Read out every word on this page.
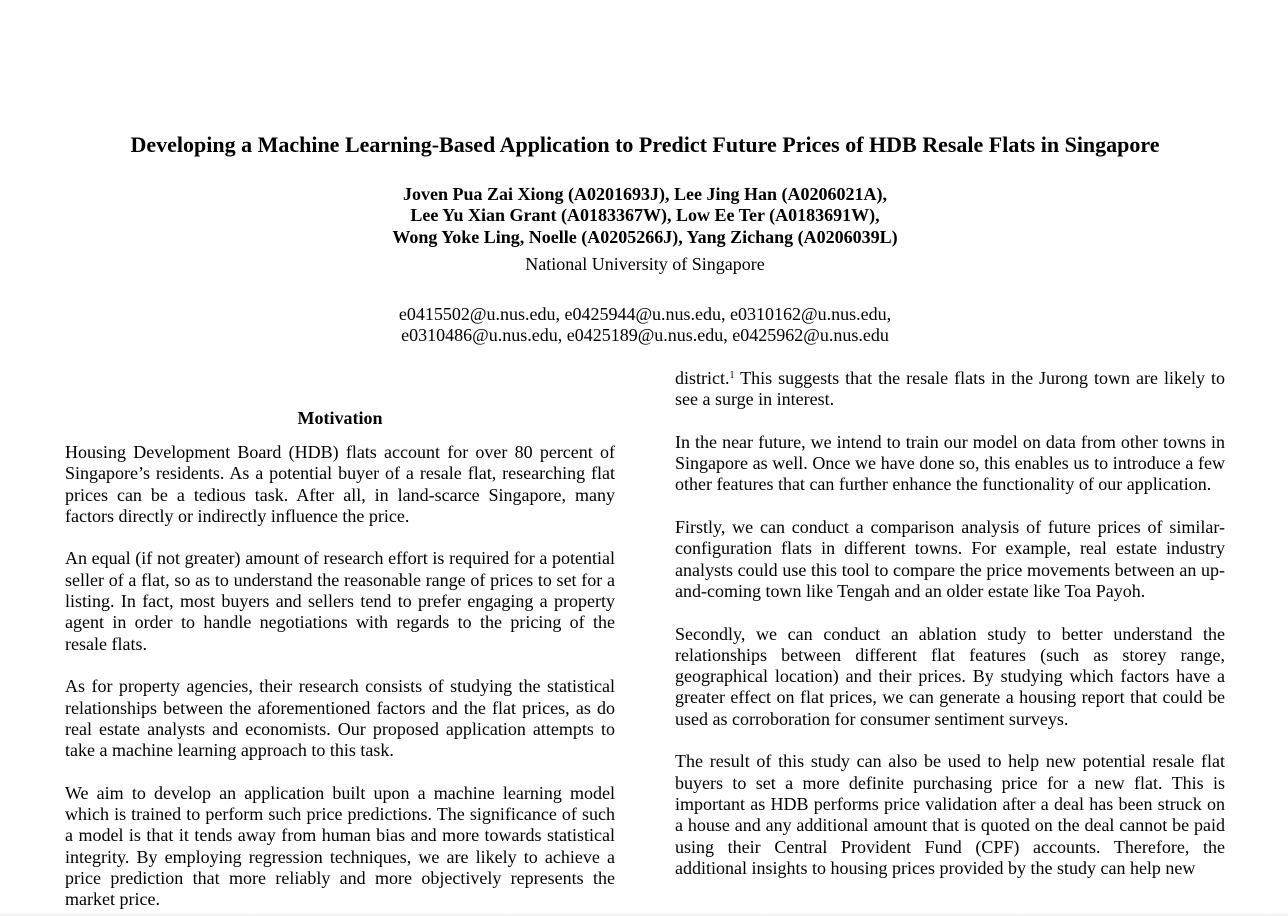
Developing a Machine Learning-Based Application to Predict Future Prices of HDB Resale Flats in Singapore
Joven Pua Zai Xiong (A0201693J), Lee Jing Han (A0206021A),
Lee Yu Xian Grant (A0183367W), Low Ee Ter (A0183691W),
Wong Yoke Ling, Noelle (A0205266J), Yang Zichang (A0206039L)
National University of Singapore
e0415502@u.nus.edu, e0425944@u.nus.edu, e0310162@u.nus.edu,
e0310486@u.nus.edu, e0425189@u.nus.edu, e0425962@u.nus.edu
Motivation

Housing Development Board (HDB) flats account for over 80 percent of Singapore’s residents. As a potential buyer of a resale flat, researching flat prices can be a tedious task. After all, in land-scarce Singapore, many factors directly or indirectly influence the price.

An equal (if not greater) amount of research effort is required for a potential seller of a flat, so as to understand the reasonable range of prices to set for a listing. In fact, most buyers and sellers tend to prefer engaging a property agent in order to handle negotiations with regards to the pricing of the resale flats.

As for property agencies, their research consists of studying the statistical relationships between the aforementioned factors and the flat prices, as do real estate analysts and economists. Our proposed application attempts to take a machine learning approach to this task.

We aim to develop an application built upon a machine learning model which is trained to perform such price predictions. The significance of such a model is that it tends away from human bias and more towards statistical integrity. By employing regression techniques, we are likely to achieve a price prediction that more reliably and more objectively represents the market price.

district.$^1$ This suggests that the resale flats in the Jurong town are likely to see a surge in interest.

In the near future, we intend to train our model on data from other towns in Singapore as well. Once we have done so, this enables us to introduce a few other features that can further enhance the functionality of our application.

Firstly, we can conduct a comparison analysis of future prices of similar-configuration flats in different towns. For example, real estate industry analysts could use this tool to compare the price movements between an up-and-coming town like Tengah and an older estate like Toa Payoh.

Secondly, we can conduct an ablation study to better understand the relationships between different flat features (such as storey range, geographical location) and their prices. By studying which factors have a greater effect on flat prices, we can generate a housing report that could be used as corroboration for consumer sentiment surveys.

The result of this study can also be used to help new potential resale flat buyers to set a more definite purchasing price for a new flat. This is important as HDB performs price validation after a deal has been struck on a house and any additional amount that is quoted on the deal cannot be paid using their Central Provident Fund (CPF) accounts. Therefore, the additional insights to housing prices provided by the study can help new
